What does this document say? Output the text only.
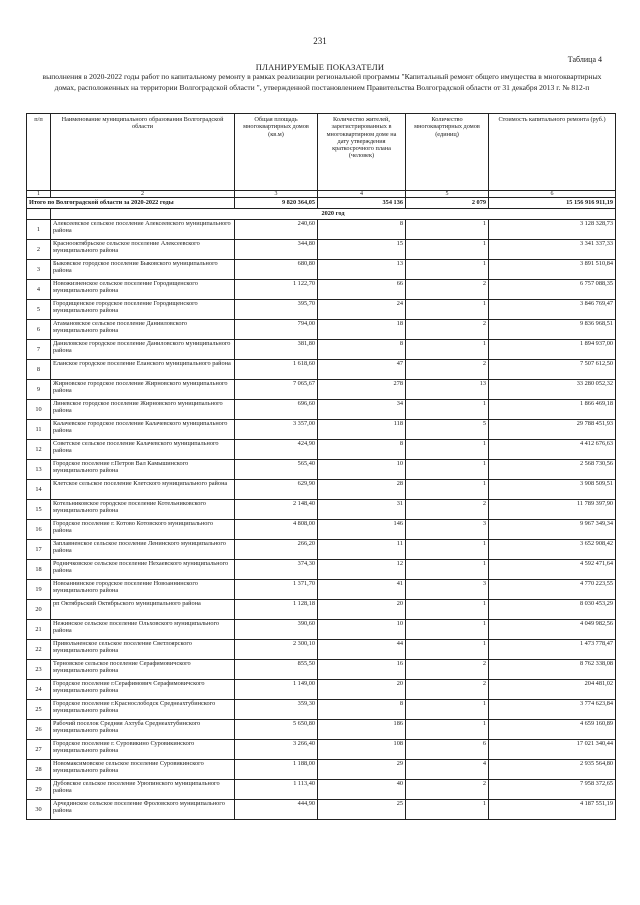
231
Таблица 4
ПЛАНИРУЕМЫЕ ПОКАЗАТЕЛИ
выполнения в 2020-2022 годы работ по капитальному ремонту в рамках реализации региональной программы "Капитальный ремонт общего имущества в многоквартирных домах, расположенных на территории Волгоградской области ", утвержденной постановлением Правительства Волгоградской области от 31 декабря 2013 г. № 812-п
п/п	Наименование муниципального образования Волгоградской области	Общая площадь многоквартирных домов (кв.м)	Количество жителей, зарегистрированных в многоквартирном доме на дату утверждения краткосрочного плана (человек)	Количество многоквартирных домов (единиц)	Стоимость капитального ремонта (руб.)
1	2	3	4	5	6
Итого по Волгоградской области за 2020-2022 годы		9 820 364,05	354 136	2 079	15 156 916 911,19
	2020 год				
1	Алексеевское сельское поселение Алексеевского муниципального района	240,60	8	1	3 128 328,73
2	Краснооктябрьское сельское поселение Алексеевского муниципального района	344,80	15	1	3 341 337,33
3	Быковское городское поселение Быковского муниципального района	680,80	13	1	3 891 510,84
4	Новожизненское сельское поселение Городищенского муниципального района	1 122,70	66	2	6 757 088,35
5	Городищенское городское поселение Городищенского муниципального района	395,70	24	1	3 846 769,47
6	Атамановское сельское поселение Данииловского муниципального района	794,00	18	2	9 836 968,51
7	Даниловское городское поселение Даниловского муниципального района	381,80	8	1	1 894 937,00
8	Еланское городское поселение Еланского муниципального района	1 618,60	47	2	7 507 612,50
9	Жирновское городское поселение Жирновского муниципального района	7 065,67	278	13	33 280 052,32
10	Линевское городское поселение Жирновского муниципального района	696,60	34	1	1 866 469,18
11	Калачевское городское поселение Калачевского муниципального района	3 357,00	118	5	29 788 451,93
12	Советское сельское поселение Калачевского муниципального района	424,90	8	1	4 412 676,63
13	Городское поселение г.Петров Вал Камышинского муниципального района	565,40	10	1	2 568 730,56
14	Клетское сельское поселение Клетского муниципального района	629,90	28	1	3 908 509,51
15	Котельниковское городское поселение Котельниковского муниципального района	2 148,40	31	2	11 789 397,90
16	Городское поселение г. Котово Котовского муниципального района	4 808,00	146	3	9 967 349,34
17	Заплавненское сельское поселение Ленинского муниципального района	266,20	11	1	3 652 908,42
18	Родничковское сельское поселение Нехаевского муниципального района	374,30	12	1	4 592 471,64
19	Новоаннинское городское поселение Новоаннинского муниципального района	1 371,70	41	3	4 770 223,55
20	рп Октябрьский Октябрьского муниципального района	1 128,18	20	1	8 030 453,29
21	Нежинское сельское поселение Ольховского муниципального района	390,60	10	1	4 049 982,56
22	Привольненское сельское поселение Светлоярского муниципального района	2 300,10	44	1	1 473 778,47
23	Терновское сельское поселение Серафимовичского муниципального района	855,50	16	2	8 762 338,08
24	Городское поселение г.Серафимович Серафимовичского муниципального района	1 149,00	20	2	204 481,02
25	Городское поселение г.Краснослободск Среднеахтубинского муниципального района	359,30	8	1	3 774 623,84
26	Рабочий поселок Средняя Ахтуба Среднеахтубинского муниципального района	5 650,80	186	1	4 659 160,89
27	Городское поселение г. Суровикино Суровикинского муниципального района	3 266,40	108	6	17 021 340,44
28	Новомаксимовское сельское поселение Суровикинского муниципального района	1 188,00	29	4	2 935 564,80
29	Дубовское сельское поселение Урюпинского муниципального района	1 113,40	40	2	7 958 372,65
30	Арчединское сельское поселение Фроловского муниципального района	444,90	25	1	4 187 551,19
